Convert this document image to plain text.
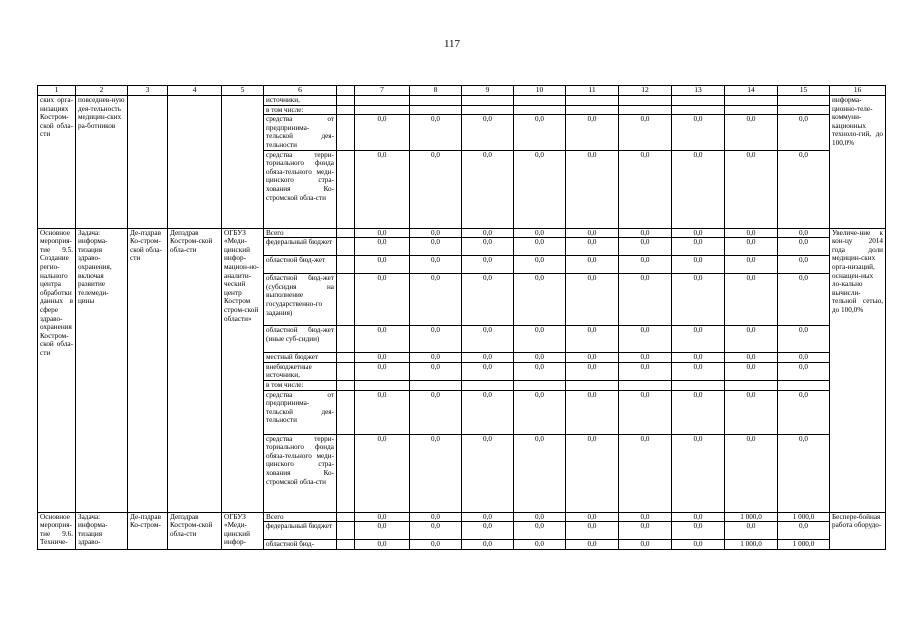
117
1	2	3	4	5	6		7	8	9	10	11	12	13	14	15	16
ских орга-низациях Костром-ской обла-сти	повседнев-ную дея-тельность медицин-ских ра-ботников				источники,											информа-ционно-теле-коммуни-кационных техноло-гий, до 100,0%
					в том числе:											
					средства от предпринима-тельской дея-тельности		0,0	0,0	0,0	0,0	0,0	0,0	0,0	0,0	0,0	
					средства терри-ториального фонда обяза-тельного меди-цинского стра-хования Ко-стромской обла-сти		0,0	0,0	0,0	0,0	0,0	0,0	0,0	0,0	0,0	
Основное мероприя-тие 9.5. Создание регио-нального центра обработки данных в сфере здраво-охранения Костром-ской обла-сти	Задача: информа-тизация здраво-охранения, включая развитие телемеди-цины	Де-пздрав Ко-стром-ской обла-сти	Депздрав Костром-ской обла-сти	ОГБУЗ «Меди-цинский инфор-мацион-но-аналити-ческий центр Костром стром-ской области»	Всего		0,0	0,0	0,0	0,0	0,0	0,0	0,0	0,0	0,0	Увеличе-ние к кон-цу 2014 года доли медицин-ских орга-низаций, оснащен-ных ло-кально вычисли-тельной сетью, до 100,0%
					федеральный бюджет		0,0	0,0	0,0	0,0	0,0	0,0	0,0	0,0	0,0	
					областной бюд-жет		0,0	0,0	0,0	0,0	0,0	0,0	0,0	0,0	0,0	
					областной бюд-жет (субсидия на выполнение государственно-го задания)		0,0	0,0	0,0	0,0	0,0	0,0	0,0	0,0	0,0	
					областной бюд-жет (иные суб-сидии)		0,0	0,0	0,0	0,0	0,0	0,0	0,0	0,0	0,0	
					местный бюджет		0,0	0,0	0,0	0,0	0,0	0,0	0,0	0,0	0,0	
					внебюджетные источники,		0,0	0,0	0,0	0,0	0,0	0,0	0,0	0,0	0,0	
					в том числе:											
					средства от предпринима-тельской дея-тельности		0,0	0,0	0,0	0,0	0,0	0,0	0,0	0,0	0,0	
					средства терри-ториального фонда обяза-тельного меди-цинского стра-хования Ко-стромской обла-сти		0,0	0,0	0,0	0,0	0,0	0,0	0,0	0,0	0,0	
Основное мероприя-тие 9.6. Техниче-	Задача: информа-тизация здраво-	Де-пздрав Ко-стром-	Депздрав Костром-ской обла-сти	ОГБУЗ «Меди-цинский инфор-	Всего		0,0	0,0	0,0	0,0	0,0	0,0	0,0	1 000,0	1 000,0	Беспере-бойная работа оборудо-
					федеральный бюджет		0,0	0,0	0,0	0,0	0,0	0,0	0,0	0,0	0,0	
					областной бюд-		0,0	0,0	0,0	0,0	0,0	0,0	0,0	1 000,0	1 000,0	
